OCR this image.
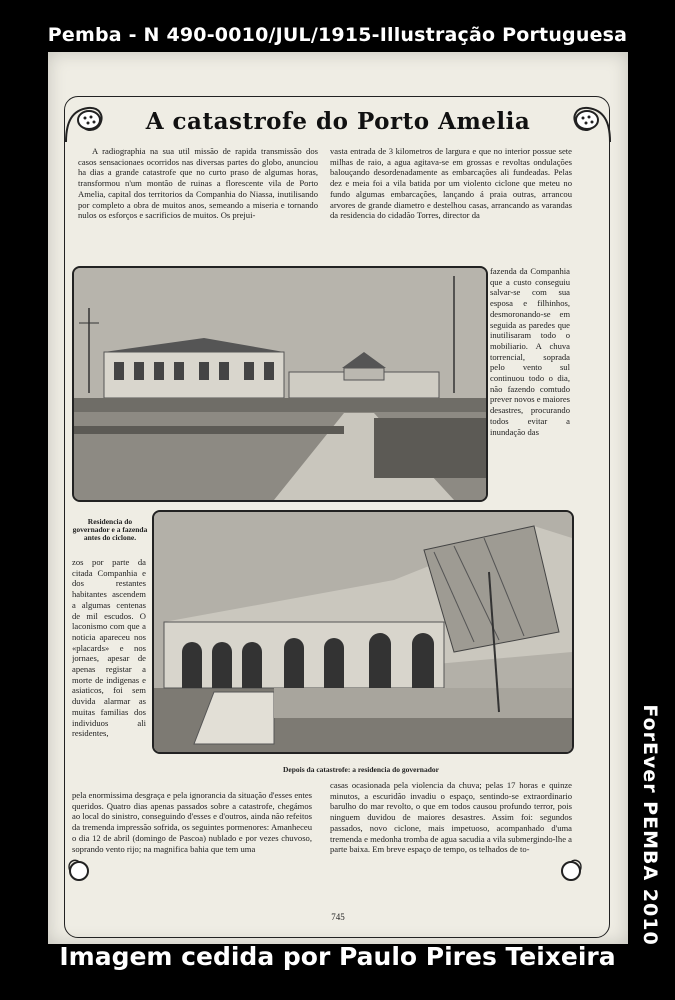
Pemba - N 490-0010/JUL/1915-Illustração Portuguesa
A catastrofe do Porto Amelia

A radiographia na sua util missão de rapida transmissão dos casos sensacionaes ocorridos nas diversas partes do globo, anunciou ha dias a grande catastrofe que no curto praso de algumas horas, transformou n'um montão de ruinas a florescente vila de Porto Amelia, capital dos territorios da Companhia do Niassa, inutilisando por completo a obra de muitos anos, semeando a miseria e tornando nulos os esforços e sacrificios de muitos. Os prejui-

vasta entrada de 3 kilometros de largura e que no interior possue sete milhas de raio, a agua agitava-se em grossas e revoltas ondulações balouçando desordenadamente as embarcações ali fundeadas. Pelas dez e meia foi a vila batida por um violento ciclone que meteu no fundo algumas embarcações, lançando á praia outras, arrancou arvores de grande diametro e destelhou casas, arrancando as varandas da residencia do cidadão Torres, director da

fazenda da Companhia que a custo conseguiu salvar-se com sua esposa e filhinhos, desmoronando-se em seguida as paredes que inutilisaram todo o mobiliario. A chuva torrencial, soprada pelo vento sul continuou todo o dia, não fazendo comtudo prever novos e maiores desastres, procurando todos evitar a inundação das

Residencia do governador e a fazenda antes do ciclone.

zos por parte da citada Companhia e dos restantes habitantes ascendem a algumas centenas de mil escudos. O laconismo com que a noticia apareceu nos «placards» e nos jornaes, apesar de apenas registar a morte de indigenas e asiaticos, foi sem duvida alarmar as muitas familias dos individuos ali residentes,

Depois da catastrofe: a residencia do governador

pela enormissima desgraça e pela ignorancia da situação d'esses entes queridos. Quatro dias apenas passados sobre a catastrofe, chegámos ao local do sinistro, conseguindo d'esses e d'outros, ainda não refeitos da tremenda impressão sofrida, os seguintes pormenores: Amanheceu o dia 12 de abril (domingo de Pascoa) nublado e por vezes chuvoso, soprando vento rijo; na magnifica bahia que tem uma

casas ocasionada pela violencia da chuva; pelas 17 horas e quinze minutos, a escuridão invadiu o espaço, sentindo-se extraordinario barulho do mar revolto, o que em todos causou profundo terror, pois ninguem duvidou de maiores desastres. Assim foi: segundos passados, novo ciclone, mais impetuoso, acompanhado d'uma tremenda e medonha tromba de agua sacudia a vila submergindo-lhe a parte baixa. Em breve espaço de tempo, os telhados de to-

745
Imagem cedida por Paulo Pires Teixeira
ForEver PEMBA 2010
